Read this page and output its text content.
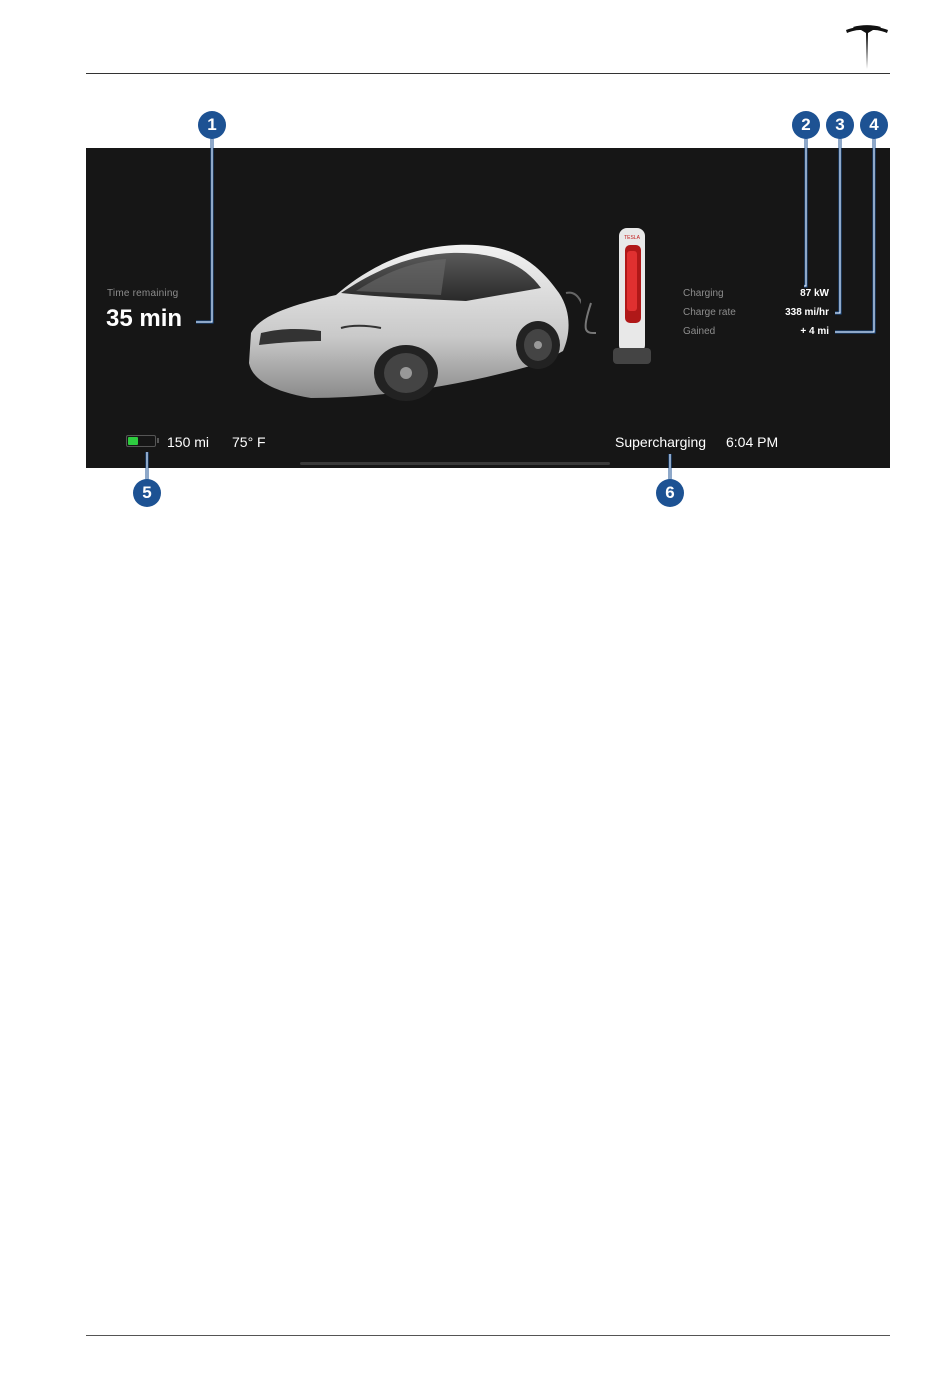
Time remaining
35 min
TESLA
Charging	87 kW
Charge rate	338 mi/hr
Gained	+ 4 mi
150 mi 75° F	Supercharging 6:04 PM
1	2	3	4
5	6
